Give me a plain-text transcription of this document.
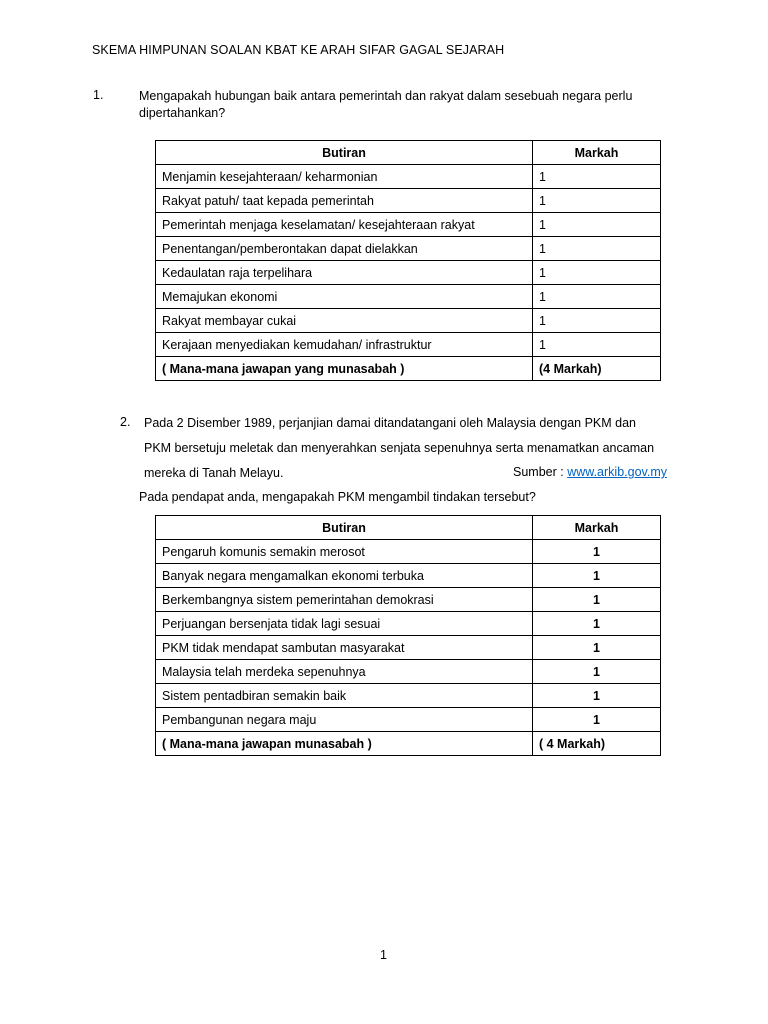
SKEMA HIMPUNAN SOALAN KBAT KE ARAH SIFAR GAGAL SEJARAH
1.	Mengapakah hubungan baik antara pemerintah dan rakyat dalam sesebuah negara perlu dipertahankan?
Butiran	Markah
Menjamin kesejahteraan/ keharmonian	1
Rakyat patuh/ taat kepada pemerintah	1
Pemerintah menjaga keselamatan/ kesejahteraan rakyat	1
Penentangan/pemberontakan dapat dielakkan	1
Kedaulatan raja terpelihara	1
Memajukan ekonomi	1
Rakyat membayar cukai	1
Kerajaan menyediakan kemudahan/ infrastruktur	1
( Mana-mana jawapan yang munasabah )	(4 Markah)
2. Pada 2 Disember 1989, perjanjian damai ditandatangani oleh Malaysia dengan PKM dan
PKM bersetuju meletak dan menyerahkan senjata sepenuhnya serta menamatkan ancaman
mereka di Tanah Melayu.	Sumber : www.arkib.gov.my
Pada pendapat anda, mengapakah PKM mengambil tindakan tersebut?
Butiran	Markah
Pengaruh komunis semakin merosot	1
Banyak negara mengamalkan ekonomi terbuka	1
Berkembangnya sistem pemerintahan demokrasi	1
Perjuangan bersenjata tidak lagi sesuai	1
PKM tidak mendapat sambutan masyarakat	1
Malaysia telah merdeka sepenuhnya	1
Sistem pentadbiran semakin baik	1
Pembangunan negara maju	1
( Mana-mana jawapan munasabah )	( 4 Markah)
1
